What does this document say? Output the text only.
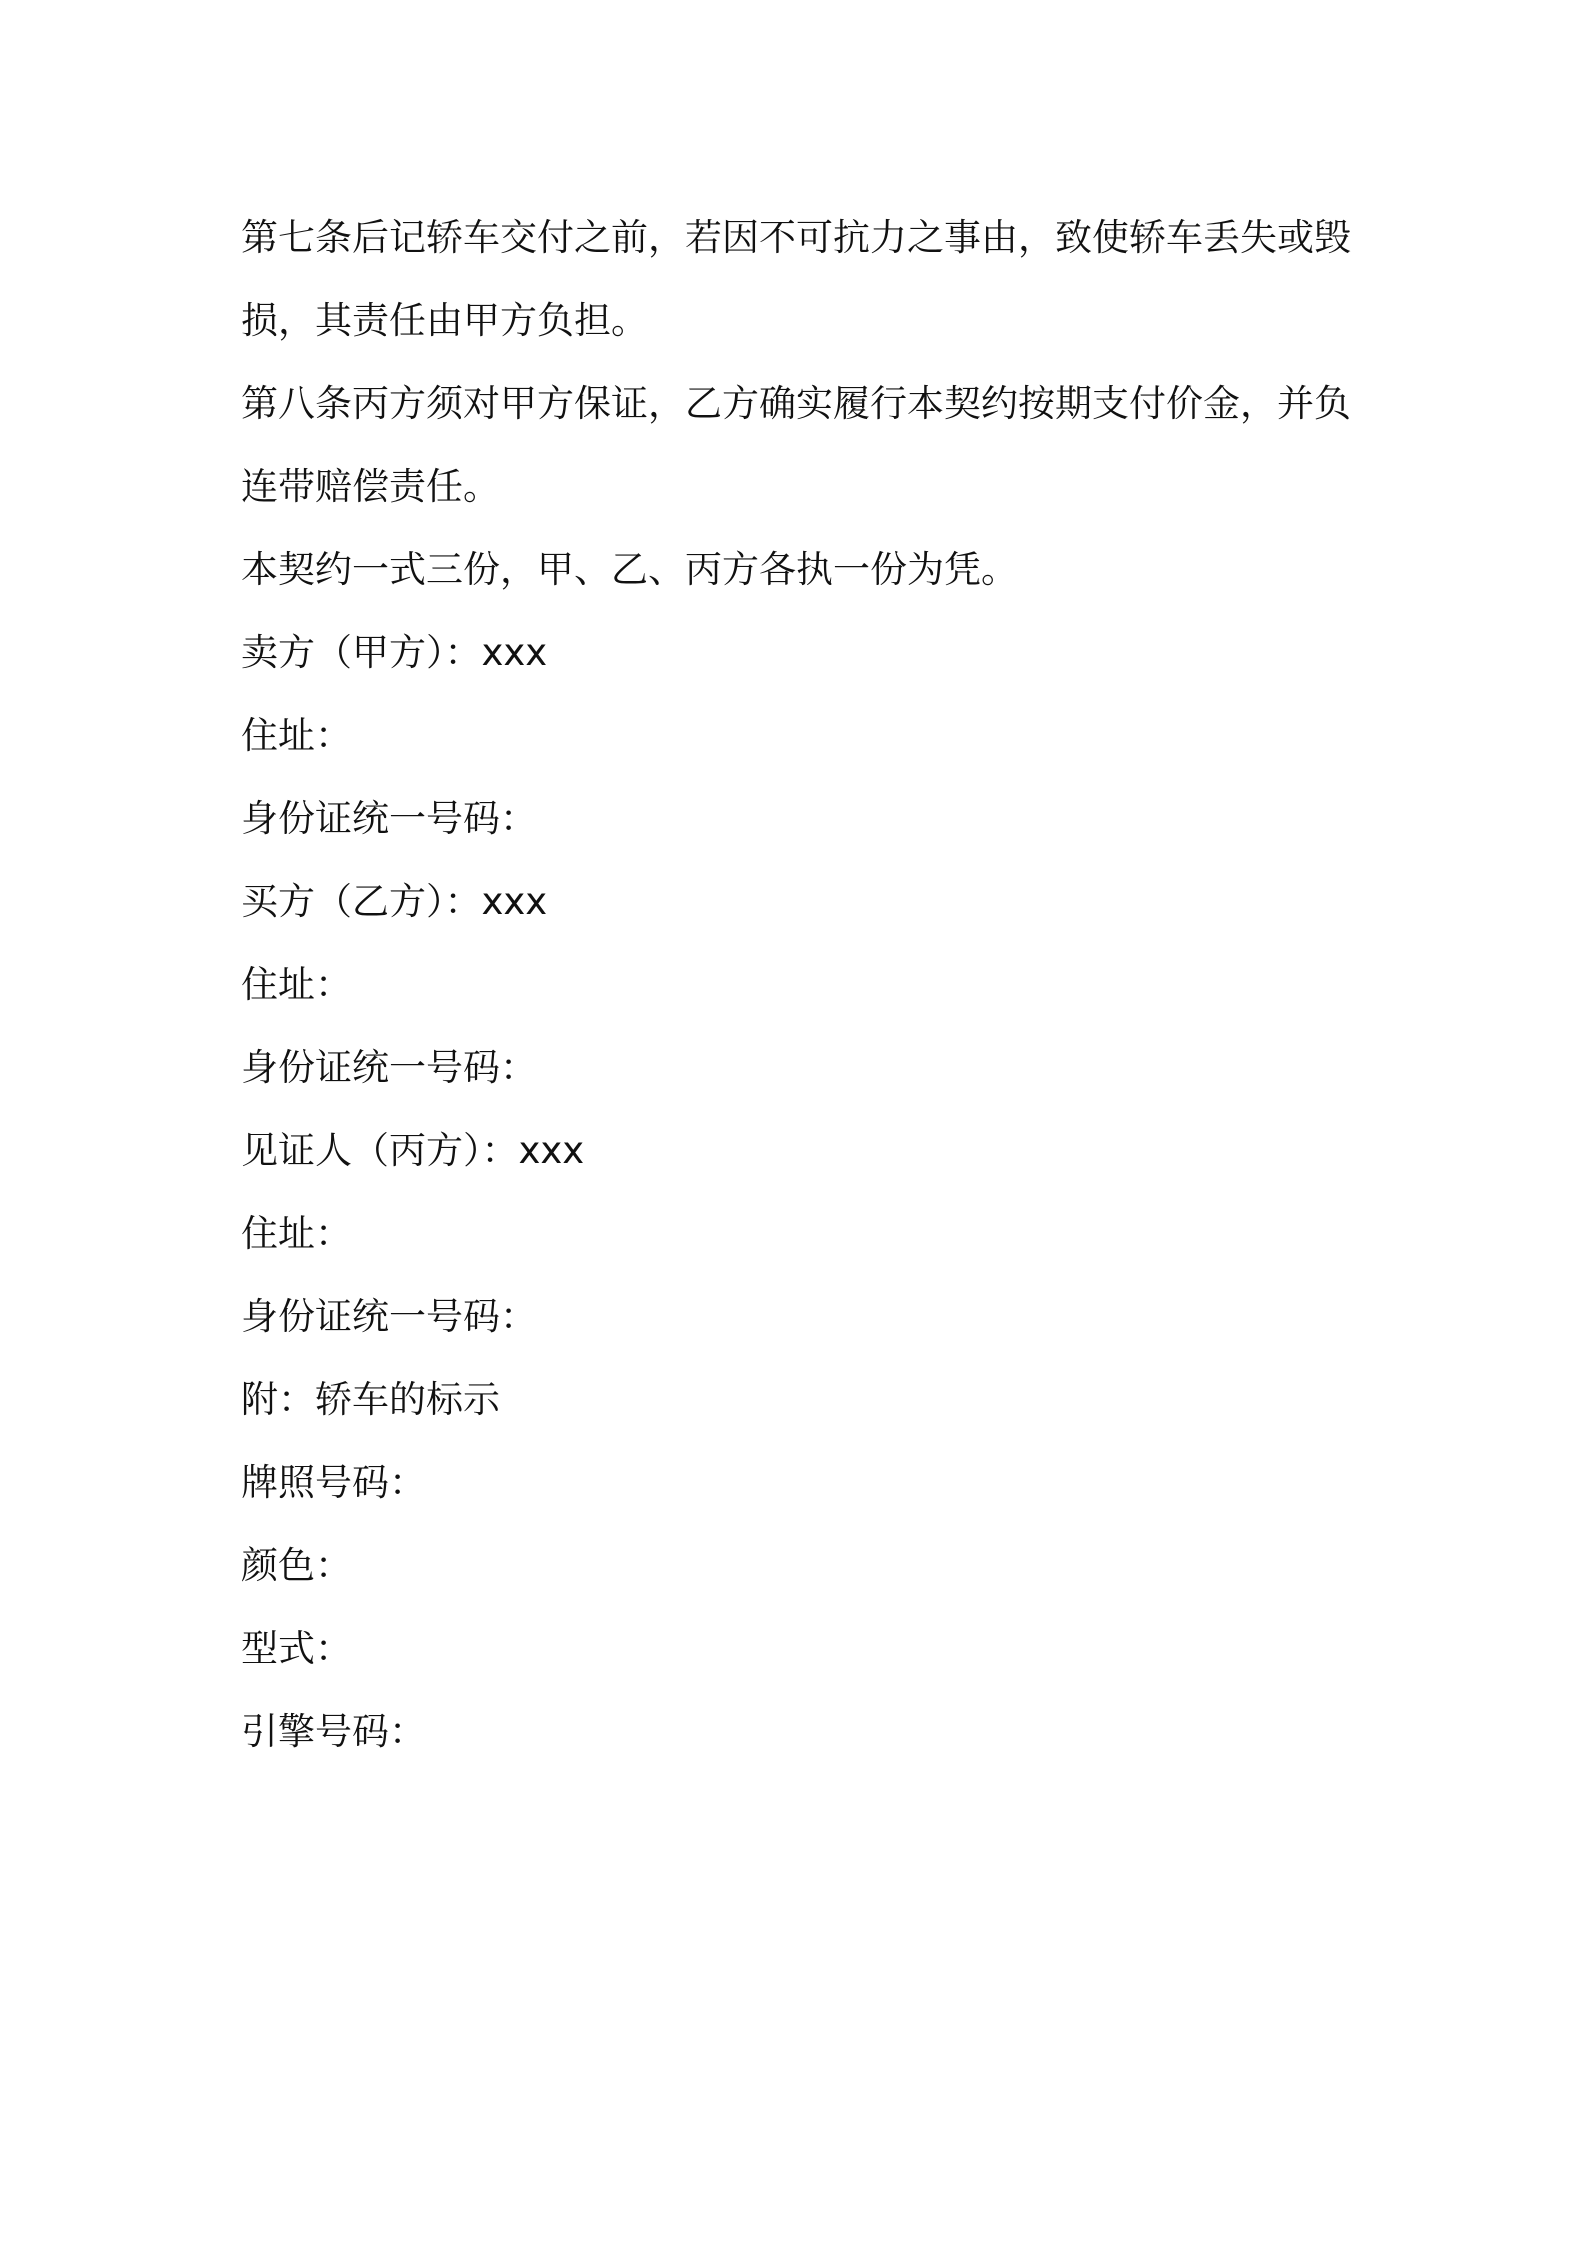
第七条后记轿车交付之前，若因不可抗力之事由，致使轿车丢失或毁
损，其责任由甲方负担。
第八条丙方须对甲方保证，乙方确实履行本契约按期支付价金，并负
连带赔偿责任。
本契约一式三份，甲、乙、丙方各执一份为凭。
卖方（甲方）：xxx
住址：
身份证统一号码：
买方（乙方）：xxx
住址：
身份证统一号码：
见证人（丙方）：xxx
住址：
身份证统一号码：
附：轿车的标示
牌照号码：
颜色：
型式：
引擎号码：
